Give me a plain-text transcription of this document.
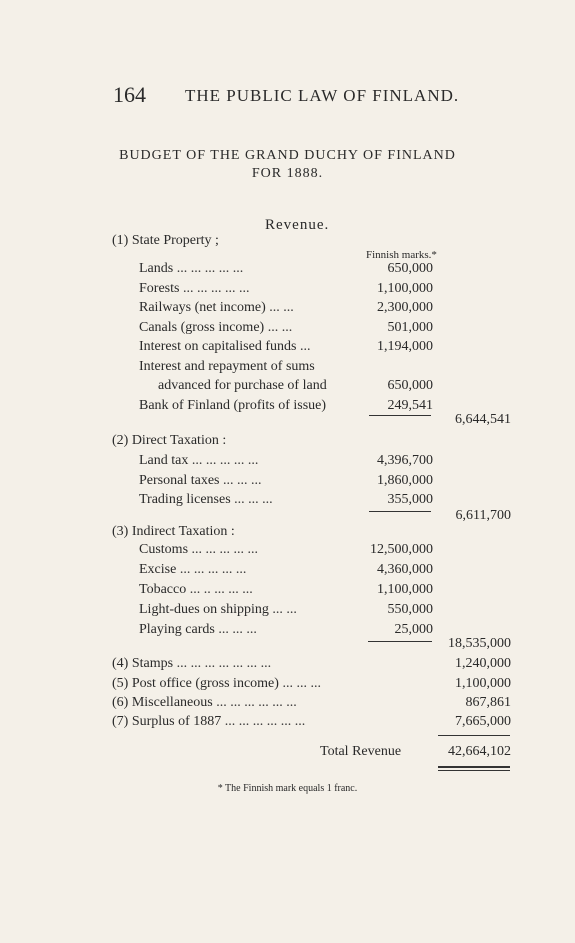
164 THE PUBLIC LAW OF FINLAND.
BUDGET OF THE GRAND DUCHY OF FINLAND
FOR 1888.
Revenue.
Finnish marks.*
(1) State Property ;
Lands ... ... ... ... ...	650,000
Forests ... ... ... ... ...	1,100,000
Railways (net income) ... ...	2,300,000
Canals (gross income) ... ...	501,000
Interest on capitalised funds ...	1,194,000
Interest and repayment of sums
advanced for purchase of land	650,000
Bank of Finland (profits of issue)	249,541
6,644,541
(2) Direct Taxation :
Land tax ... ... ... ... ...	4,396,700
Personal taxes ... ... ...	1,860,000
Trading licenses ... ... ...	355,000
6,611,700
(3) Indirect Taxation :
Customs ... ... ... ... ...	12,500,000
Excise ... ... ... ... ...	4,360,000
Tobacco ... .. ... ... ...	1,100,000
Light-dues on shipping ... ...	550,000
Playing cards ... ... ...	25,000
18,535,000
(4) Stamps ... ... ... ... ... ... ...	1,240,000
(5) Post office (gross income) ... ... ...	1,100,000
(6) Miscellaneous ... ... ... ... ... ...	867,861
(7) Surplus of 1887 ... ... ... ... ... ...	7,665,000
Total Revenue	42,664,102
* The Finnish mark equals 1 franc.
